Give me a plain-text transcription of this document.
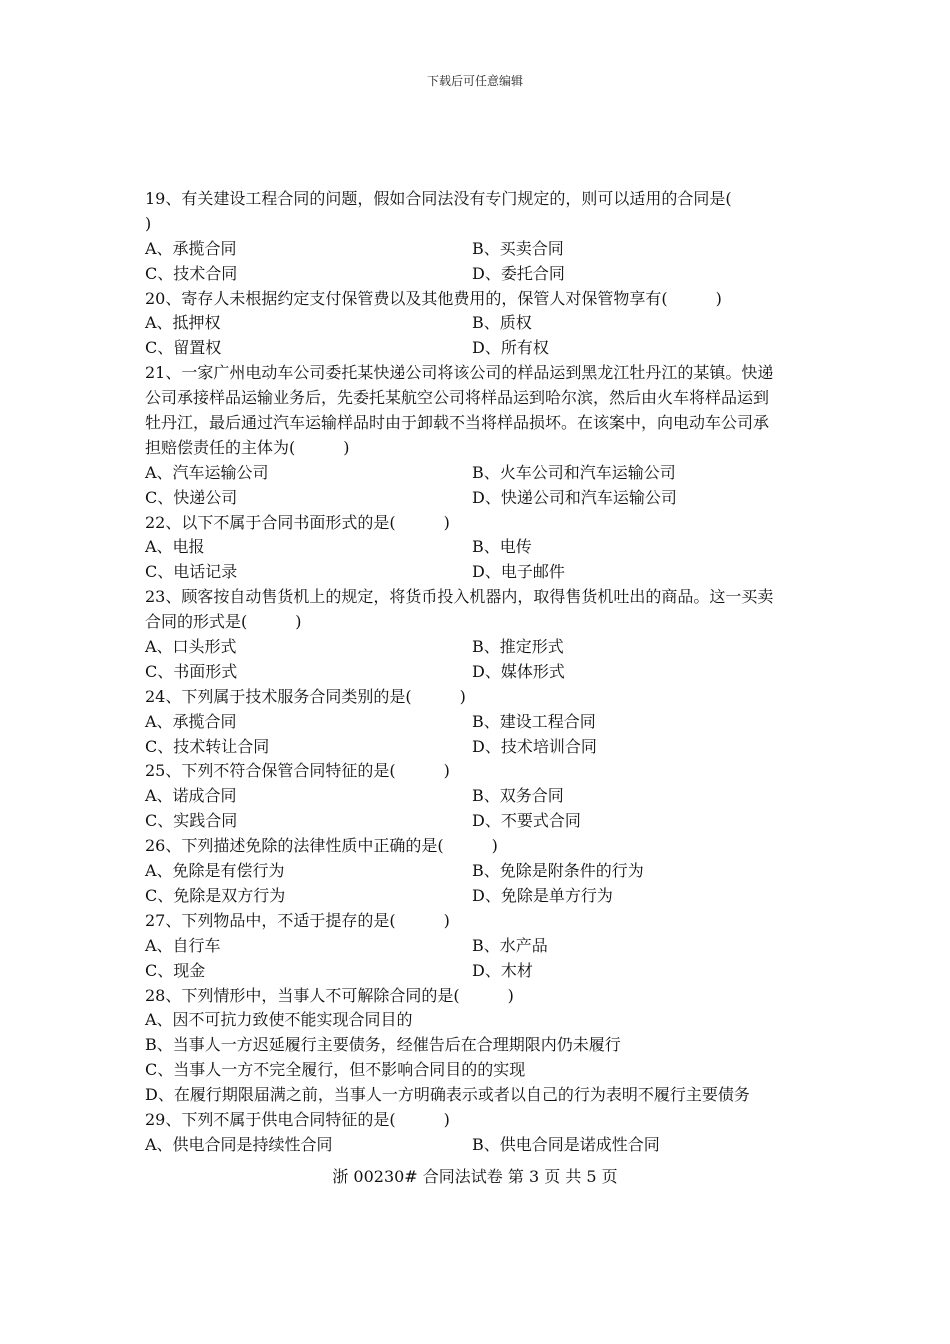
下载后可任意编辑
19、有关建设工程合同的问题，假如合同法没有专门规定的，则可以适用的合同是(
)
A、承揽合同	B、买卖合同
C、技术合同	D、委托合同
20、寄存人未根据约定支付保管费以及其他费用的，保管人对保管物享有(　　　)
A、抵押权	B、质权
C、留置权	D、所有权
21、一家广州电动车公司委托某快递公司将该公司的样品运到黑龙江牡丹江的某镇。快递
公司承接样品运输业务后，先委托某航空公司将样品运到哈尔滨，然后由火车将样品运到
牡丹江，最后通过汽车运输样品时由于卸载不当将样品损坏。在该案中，向电动车公司承
担赔偿责任的主体为(　　　)
A、汽车运输公司	B、火车公司和汽车运输公司
C、快递公司	D、快递公司和汽车运输公司
22、以下不属于合同书面形式的是(　　　)
A、电报	B、电传
C、电话记录	D、电子邮件
23、顾客按自动售货机上的规定，将货币投入机器内，取得售货机吐出的商品。这一买卖
合同的形式是(　　　)
A、口头形式	B、推定形式
C、书面形式	D、媒体形式
24、下列属于技术服务合同类别的是(　　　)
A、承揽合同	B、建设工程合同
C、技术转让合同	D、技术培训合同
25、下列不符合保管合同特征的是(　　　)
A、诺成合同	B、双务合同
C、实践合同	D、不要式合同
26、下列描述免除的法律性质中正确的是(　　　)
A、免除是有偿行为	B、免除是附条件的行为
C、免除是双方行为	D、免除是单方行为
27、下列物品中，不适于提存的是(　　　)
A、自行车	B、水产品
C、现金	D、木材
28、下列情形中，当事人不可解除合同的是(　　　)
A、因不可抗力致使不能实现合同目的
B、当事人一方迟延履行主要债务，经催告后在合理期限内仍未履行
C、当事人一方不完全履行，但不影响合同目的的实现
D、在履行期限届满之前，当事人一方明确表示或者以自己的行为表明不履行主要债务
29、下列不属于供电合同特征的是(　　　)
A、供电合同是持续性合同	B、供电合同是诺成性合同
浙 00230# 合同法试卷 第 3 页 共 5 页
